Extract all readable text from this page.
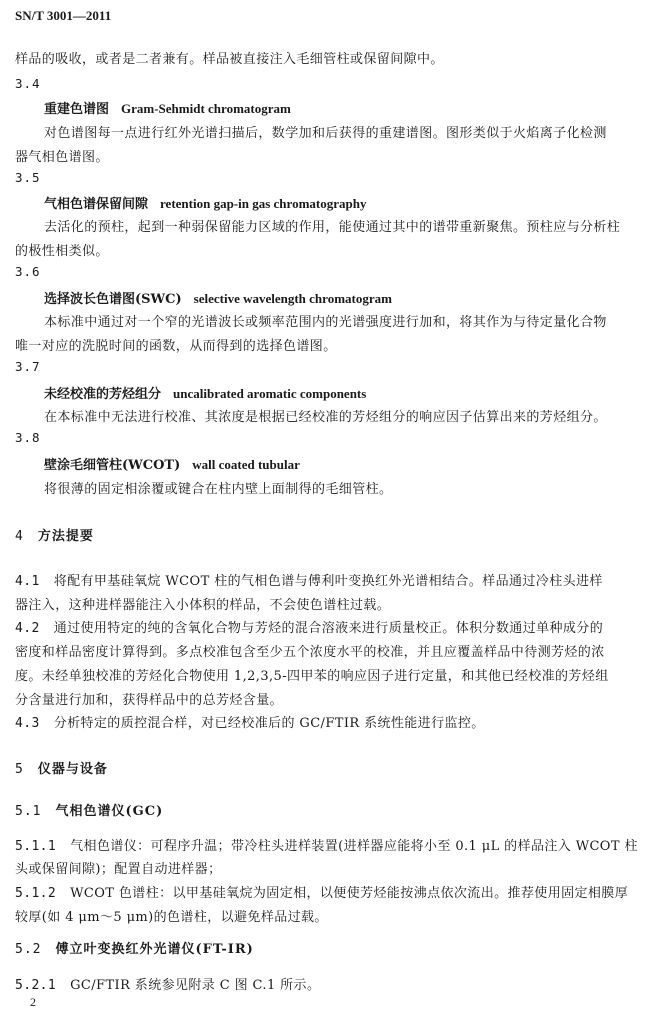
SN/T 3001—2011
样品的吸收，或者是二者兼有。样品被直接注入毛细管柱或保留间隙中。
3.4
重建色谱图 Gram-Sehmidt chromatogram
对色谱图每一点进行红外光谱扫描后，数学加和后获得的重建谱图。图形类似于火焰离子化检测
器气相色谱图。
3.5
气相色谱保留间隙 retention gap-in gas chromatography
去活化的预柱，起到一种弱保留能力区域的作用，能使通过其中的谱带重新聚焦。预柱应与分析柱
的极性相类似。
3.6
选择波长色谱图(SWC) selective wavelength chromatogram
本标准中通过对一个窄的光谱波长或频率范围内的光谱强度进行加和，将其作为与待定量化合物
唯一对应的洗脱时间的函数，从而得到的选择色谱图。
3.7
未经校准的芳烃组分 uncalibrated aromatic components
在本标准中无法进行校准、其浓度是根据已经校准的芳烃组分的响应因子估算出来的芳烃组分。
3.8
壁涂毛细管柱(WCOT) wall coated tubular
将很薄的固定相涂覆或键合在柱内壁上面制得的毛细管柱。
4 方法提要
4.1 将配有甲基硅氧烷 WCOT 柱的气相色谱与傅利叶变换红外光谱相结合。样品通过冷柱头进样
器注入，这种进样器能注入小体积的样品，不会使色谱柱过载。
4.2 通过使用特定的纯的含氧化合物与芳烃的混合溶液来进行质量校正。体积分数通过单种成分的
密度和样品密度计算得到。多点校准包含至少五个浓度水平的校准，并且应覆盖样品中待测芳烃的浓
度。未经单独校准的芳烃化合物使用 1,2,3,5-四甲苯的响应因子进行定量，和其他已经校准的芳烃组
分含量进行加和，获得样品中的总芳烃含量。
4.3 分析特定的质控混合样，对已经校准后的 GC/FTIR 系统性能进行监控。
5 仪器与设备
5.1 气相色谱仪(GC)
5.1.1 气相色谱仪：可程序升温；带冷柱头进样装置(进样器应能将小至 0.1 μL 的样品注入 WCOT 柱
头或保留间隙)；配置自动进样器；
5.1.2 WCOT 色谱柱：以甲基硅氧烷为固定相，以便使芳烃能按沸点依次流出。推荐使用固定相膜厚
较厚(如 4 μm～5 μm)的色谱柱，以避免样品过载。
5.2 傅立叶变换红外光谱仪(FT-IR)
5.2.1 GC/FTIR 系统参见附录 C 图 C.1 所示。
2
